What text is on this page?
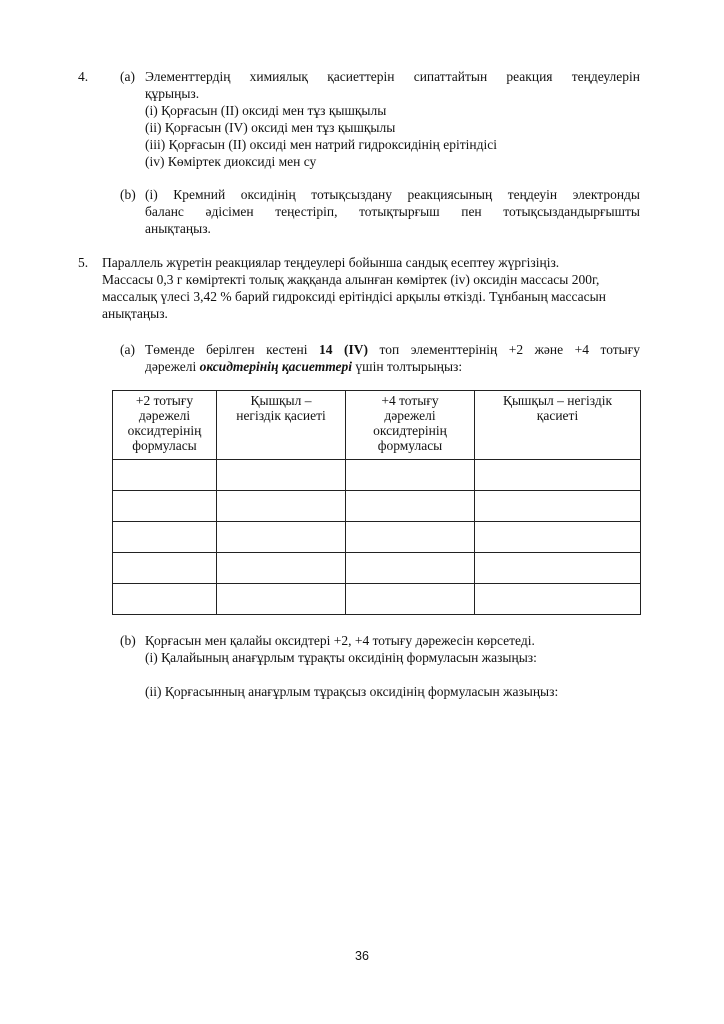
4. (a) Элементтердің химиялық қасиеттерін сипаттайтын реакция теңдеулерін
құрыңыз.
(i) Қорғасын (ІІ) оксиді мен тұз қышқылы
(ii) Қорғасын (ІV) оксиді мен тұз қышқылы
(iii) Қорғасын (ІІ) оксиді мен натрий гидроксидінің ерітіндісі
(iv) Көміртек диоксиді мен су
(b) (i) Кремний оксидінің тотықсыздану реакциясының теңдеуін электронды
баланс әдісімен теңестіріп, тотықтырғыш пен тотықсыздандырғышты
анықтаңыз.
5. Параллель жүретін реакциялар теңдеулері бойынша сандық есептеу жүргізіңіз.
Массасы 0,3 г көміртекті толық жаққанда алынған көміртек (іv) оксидін массасы 200г,
массалық үлесі 3,42 % барий гидроксиді ерітіндісі арқылы өткізді. Тұнбаның массасын
анықтаңыз.
(a) Төменде берілген кестені 14 (IV) топ элементтерінің +2 және +4 тотығу
дәрежелі оксидтерінің қасиеттері үшін толтырыңыз:
+2 тотығу дәрежелі оксидтерінің формуласы	Қышқыл – негіздік қасиеті	+4 тотығу дәрежелі оксидтерінің формуласы	Қышқыл – негіздік қасиеті

(b) Қорғасын мен қалайы оксидтері +2, +4 тотығу дәрежесін көрсетеді.
(і) Қалайының анағұрлым тұрақты оксидінің формуласын жазыңыз:
(іі) Қорғасынның анағұрлым тұрақсыз оксидінің формуласын жазыңыз:
36
